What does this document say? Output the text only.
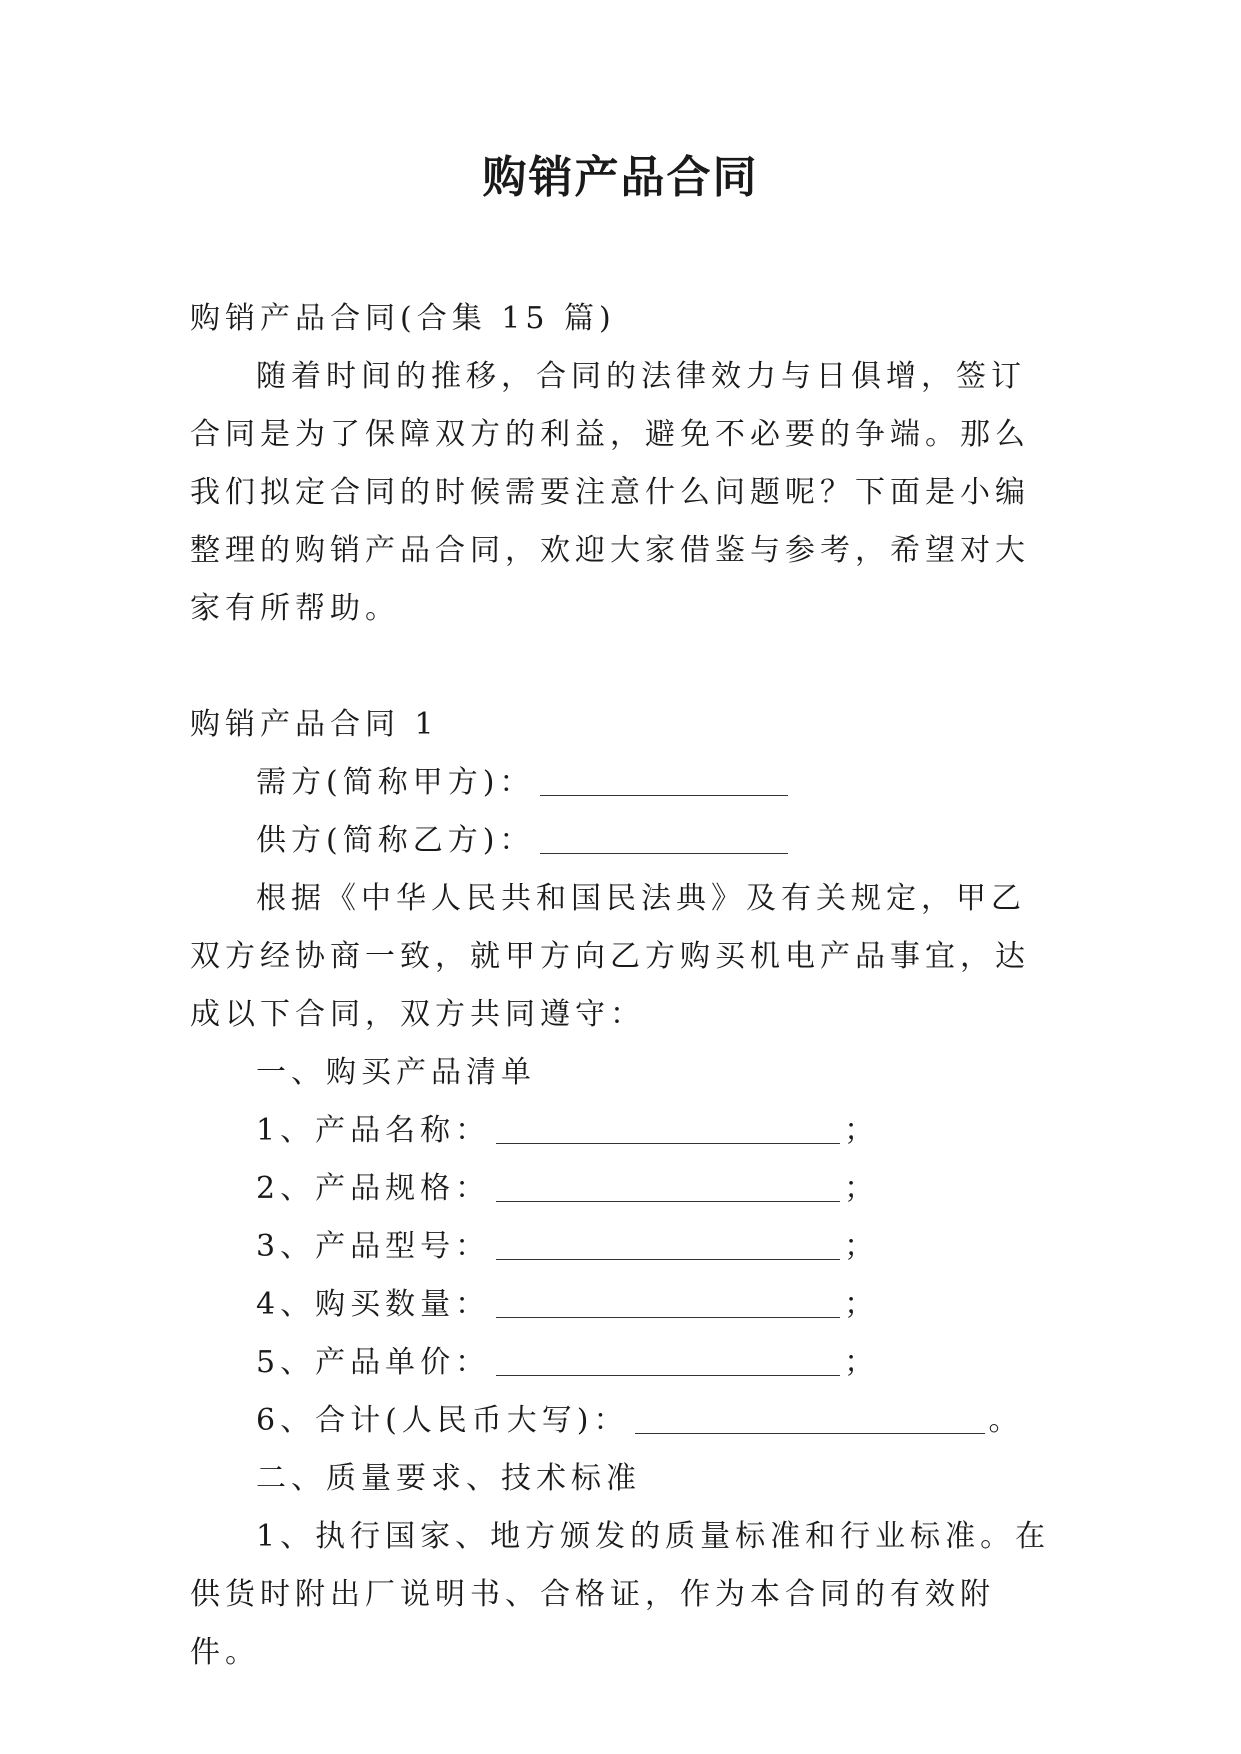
购销产品合同

购销产品合同(合集 15 篇)

随着时间的推移，合同的法律效力与日俱增，签订合同是为了保障双方的利益，避免不必要的争端。那么我们拟定合同的时候需要注意什么问题呢？下面是小编整理的购销产品合同，欢迎大家借鉴与参考，希望对大家有所帮助。

购销产品合同 1

需方(简称甲方)：

供方(简称乙方)：

根据《中华人民共和国民法典》及有关规定，甲乙双方经协商一致，就甲方向乙方购买机电产品事宜，达成以下合同，双方共同遵守：

一、购买产品清单

1、产品名称：	；

2、产品规格：	；

3、产品型号：	；

4、购买数量：	；

5、产品单价：	；

6、合计(人民币大写)：	。

二、质量要求、技术标准

1、执行国家、地方颁发的质量标准和行业标准。在供货时附出厂说明书、合格证，作为本合同的有效附件。
